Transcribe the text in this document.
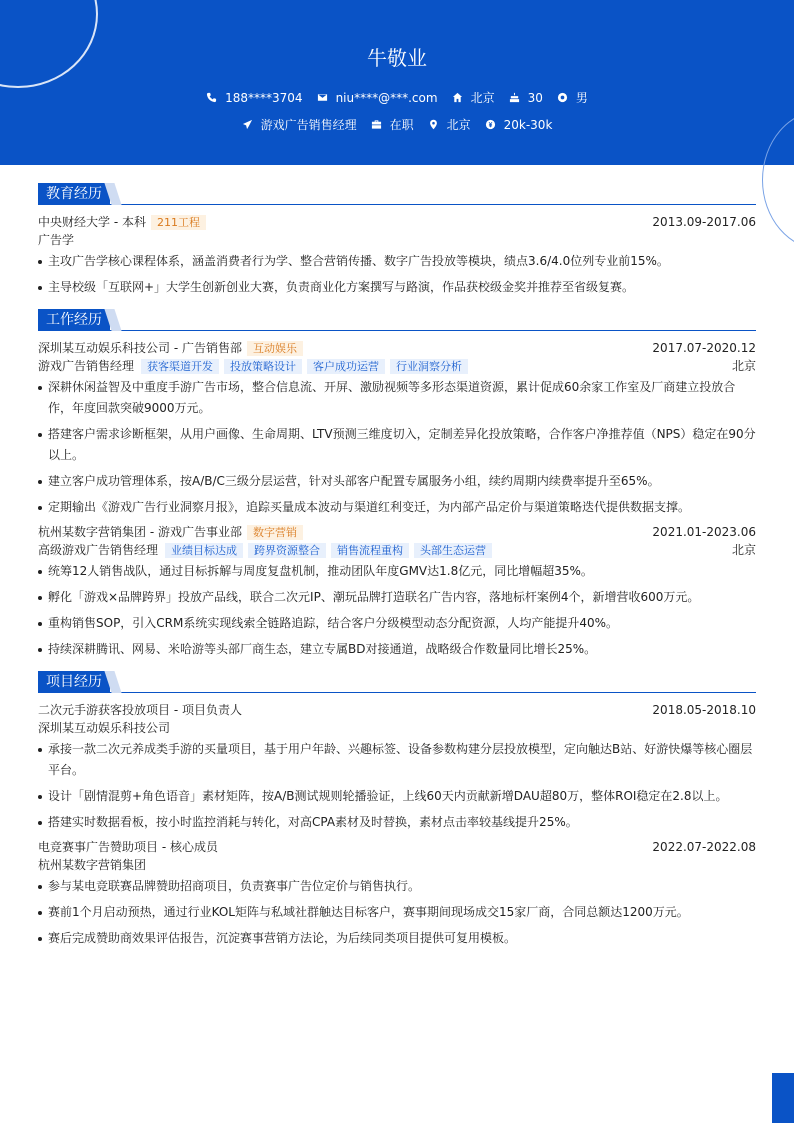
牛敬业
188****3704	niu****@***.com	北京	30	男
游戏广告销售经理	在职	北京	20k-30k
教育经历
中央财经大学 - 本科	211工程	2013.09-2017.06
广告学
主攻广告学核心课程体系，涵盖消费者行为学、整合营销传播、数字广告投放等模块，绩点3.6/4.0位列专业前15%。
主导校级「互联网+」大学生创新创业大赛，负责商业化方案撰写与路演，作品获校级金奖并推荐至省级复赛。
工作经历
深圳某互动娱乐科技公司 - 广告销售部	互动娱乐	2017.07-2020.12
游戏广告销售经理	获客渠道开发	投放策略设计	客户成功运营	行业洞察分析	北京
深耕休闲益智及中重度手游广告市场，整合信息流、开屏、激励视频等多形态渠道资源，累计促成60余家工作室及厂商建立投放合作，年度回款突破9000万元。
搭建客户需求诊断框架，从用户画像、生命周期、LTV预测三维度切入，定制差异化投放策略，合作客户净推荐值（NPS）稳定在90分以上。
建立客户成功管理体系，按A/B/C三级分层运营，针对头部客户配置专属服务小组，续约周期内续费率提升至65%。
定期输出《游戏广告行业洞察月报》，追踪买量成本波动与渠道红利变迁，为内部产品定价与渠道策略迭代提供数据支撑。
杭州某数字营销集团 - 游戏广告事业部	数字营销	2021.01-2023.06
高级游戏广告销售经理	业绩目标达成	跨界资源整合	销售流程重构	头部生态运营	北京
统筹12人销售战队，通过目标拆解与周度复盘机制，推动团队年度GMV达1.8亿元，同比增幅超35%。
孵化「游戏×品牌跨界」投放产品线，联合二次元IP、潮玩品牌打造联名广告内容，落地标杆案例4个，新增营收600万元。
重构销售SOP，引入CRM系统实现线索全链路追踪，结合客户分级模型动态分配资源，人均产能提升40%。
持续深耕腾讯、网易、米哈游等头部厂商生态，建立专属BD对接通道，战略级合作数量同比增长25%。
项目经历
二次元手游获客投放项目 - 项目负责人	2018.05-2018.10
深圳某互动娱乐科技公司
承接一款二次元养成类手游的买量项目，基于用户年龄、兴趣标签、设备参数构建分层投放模型，定向触达B站、好游快爆等核心圈层平台。
设计「剧情混剪+角色语音」素材矩阵，按A/B测试规则轮播验证，上线60天内贡献新增DAU超80万，整体ROI稳定在2.8以上。
搭建实时数据看板，按小时监控消耗与转化，对高CPA素材及时替换，素材点击率较基线提升25%。
电竞赛事广告赞助项目 - 核心成员	2022.07-2022.08
杭州某数字营销集团
参与某电竞联赛品牌赞助招商项目，负责赛事广告位定价与销售执行。
赛前1个月启动预热，通过行业KOL矩阵与私域社群触达目标客户，赛事期间现场成交15家厂商，合同总额达1200万元。
赛后完成赞助商效果评估报告，沉淀赛事营销方法论，为后续同类项目提供可复用模板。
